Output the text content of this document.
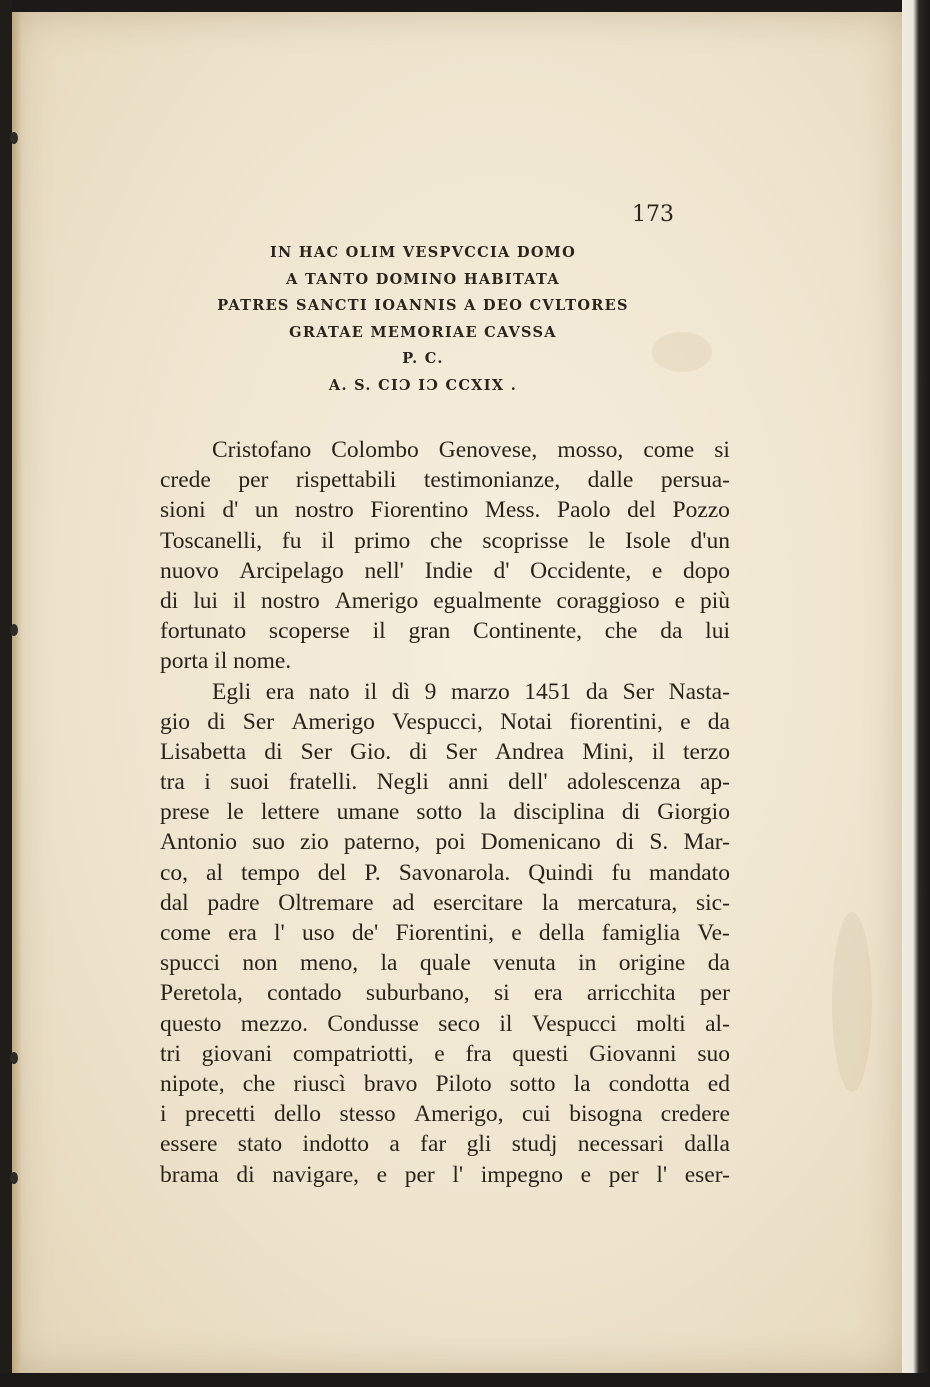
173
IN HAC OLIM VESPVCCIA DOMO
A TANTO DOMINO HABITATA
PATRES SANCTI IOANNIS A DEO CVLTORES
GRATAE MEMORIAE CAVSSA
P. C.
A. S. CIƆ IƆ CCXIX .
Cristofano Colombo Genovese, mosso, come si
crede per rispettabili testimonianze, dalle persua-
sioni d' un nostro Fiorentino Mess. Paolo del Pozzo
Toscanelli, fu il primo che scoprisse le Isole d'un
nuovo Arcipelago nell' Indie d' Occidente, e dopo
di lui il nostro Amerigo egualmente coraggioso e più
fortunato scoperse il gran Continente, che da lui
porta il nome.
Egli era nato il dì 9 marzo 1451 da Ser Nasta-
gio di Ser Amerigo Vespucci, Notai fiorentini, e da
Lisabetta di Ser Gio. di Ser Andrea Mini, il terzo
tra i suoi fratelli. Negli anni dell' adolescenza ap-
prese le lettere umane sotto la disciplina di Giorgio
Antonio suo zio paterno, poi Domenicano di S. Mar-
co, al tempo del P. Savonarola. Quindi fu mandato
dal padre Oltremare ad esercitare la mercatura, sic-
come era l' uso de' Fiorentini, e della famiglia Ve-
spucci non meno, la quale venuta in origine da
Peretola, contado suburbano, si era arricchita per
questo mezzo. Condusse seco il Vespucci molti al-
tri giovani compatriotti, e fra questi Giovanni suo
nipote, che riuscì bravo Piloto sotto la condotta ed
i precetti dello stesso Amerigo, cui bisogna credere
essere stato indotto a far gli studj necessari dalla
brama di navigare, e per l' impegno e per l' eser-
